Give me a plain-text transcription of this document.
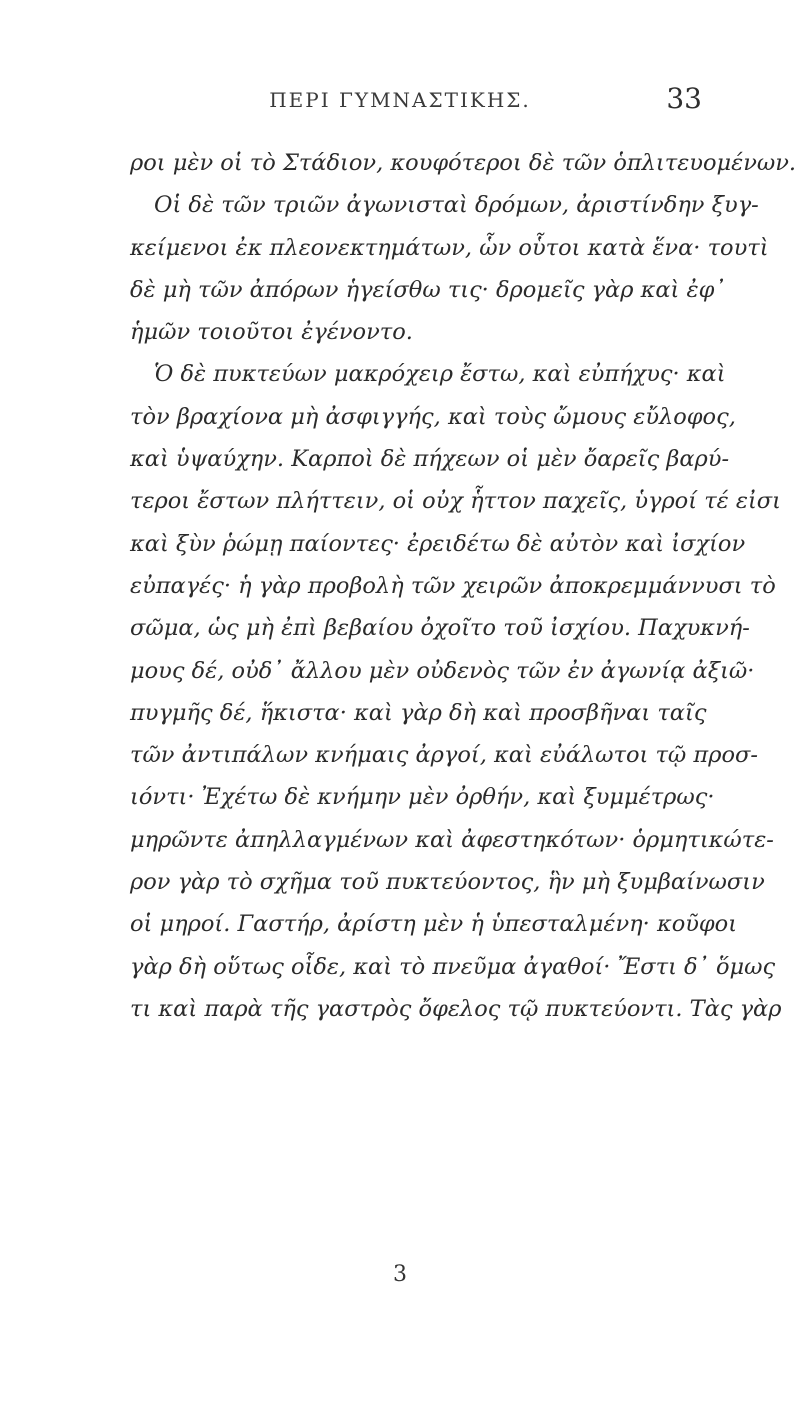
ΠΕΡΙ ΓΥΜΝΑΣΤΙΚΗΣ.	33
ροι μὲν οἱ τὸ Στάδιον, κουφότεροι δὲ τῶν ὁπλιτευομένων.
Οἱ δὲ τῶν τριῶν ἀγωνισταὶ δρόμων, ἀριστίνδην ξυγ-
κείμενοι ἐκ πλεονεκτημάτων, ὧν οὗτοι κατὰ ἕνα· τουτὶ
δὲ μὴ τῶν ἀπόρων ἡγείσθω τις· δρομεῖς γὰρ καὶ ἐφ᾽
ἡμῶν τοιοῦτοι ἐγένοντο.
Ὁ δὲ πυκτεύων μακρόχειρ ἔστω, καὶ εὐπήχυς· καὶ
τὸν βραχίονα μὴ ἀσφιγγής, καὶ τοὺς ὤμους εὔλοφος,
καὶ ὑψαύχην. Καρποὶ δὲ πήχεων οἱ μὲν ὄαρεῖς βαρύ-
τεροι ἔστων πλήττειν, οἱ οὐχ ἧττον παχεῖς, ὑγροί τέ εἰσι
καὶ ξὺν ῥώμῃ παίοντες· ἐρειδέτω δὲ αὐτὸν καὶ ἰσχίον
εὐπαγές· ἡ γὰρ προβολὴ τῶν χειρῶν ἀποκρεμμάννυσι τὸ
σῶμα, ὡς μὴ ἐπὶ βεβαίου ὀχοῖτο τοῦ ἰσχίου. Παχυκνή-
μους δέ, οὐδ᾽ ἄλλου μὲν οὐδενὸς τῶν ἐν ἀγωνίᾳ ἀξιῶ·
πυγμῆς δέ, ἥκιστα· καὶ γὰρ δὴ καὶ προσβῆναι ταῖς
τῶν ἀντιπάλων κνήμαις ἀργοί, καὶ εὐάλωτοι τῷ προσ-
ιόντι· Ἐχέτω δὲ κνήμην μὲν ὀρθήν, καὶ ξυμμέτρως·
μηρῶντε ἀπηλλαγμένων καὶ ἀφεστηκότων· ὁρμητικώτε-
ρον γὰρ τὸ σχῆμα τοῦ πυκτεύοντος, ἣν μὴ ξυμβαίνωσιν
οἱ μηροί. Γαστήρ, ἀρίστη μὲν ἡ ὑπεσταλμένη· κοῦφοι
γὰρ δὴ οὕτως οἷδε, καὶ τὸ πνεῦμα ἀγαθοί· Ἔστι δ᾽ ὅμως
τι καὶ παρὰ τῆς γαστρὸς ὄφελος τῷ πυκτεύοντι. Τὰς γὰρ
3
